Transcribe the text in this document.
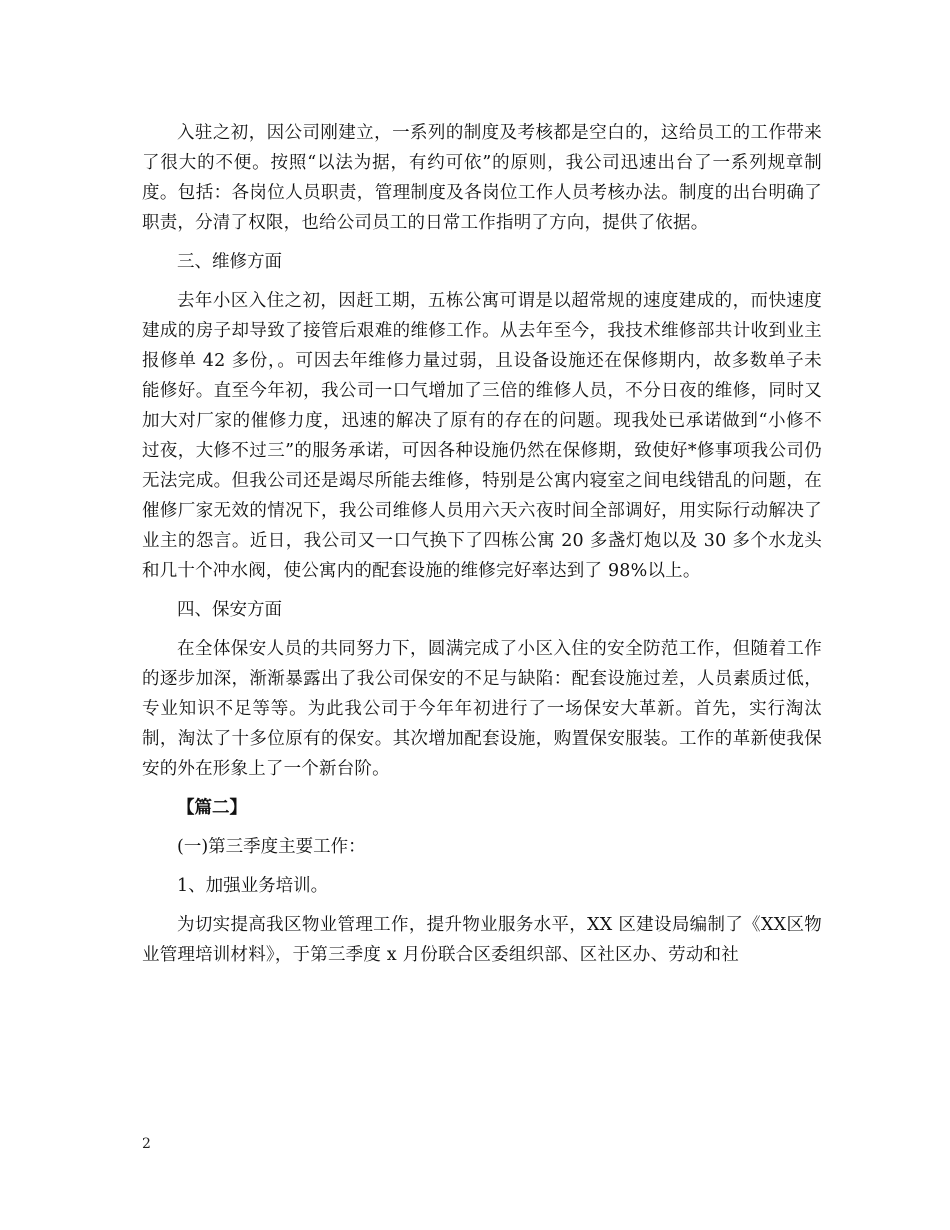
入驻之初，因公司刚建立，一系列的制度及考核都是空白的，这给员工的工作带来了很大的不便。按照“以法为据，有约可依”的原则，我公司迅速出台了一系列规章制度。包括：各岗位人员职责，管理制度及各岗位工作人员考核办法。制度的出台明确了职责，分清了权限，也给公司员工的日常工作指明了方向，提供了依据。

三、维修方面

去年小区入住之初，因赶工期，五栋公寓可谓是以超常规的速度建成的，而快速度建成的房子却导致了接管后艰难的维修工作。从去年至今，我技术维修部共计收到业主报修单 42 多份，。可因去年维修力量过弱，且设备设施还在保修期内，故多数单子未能修好。直至今年初，我公司一口气增加了三倍的维修人员，不分日夜的维修，同时又加大对厂家的催修力度，迅速的解决了原有的存在的问题。现我处已承诺做到“小修不过夜，大修不过三”的服务承诺，可因各种设施仍然在保修期，致使好*修事项我公司仍无法完成。但我公司还是竭尽所能去维修，特别是公寓内寝室之间电线错乱的问题，在催修厂家无效的情况下，我公司维修人员用六天六夜时间全部调好，用实际行动解决了业主的怨言。近日，我公司又一口气换下了四栋公寓 20 多盏灯炮以及 30 多个水龙头和几十个冲水阀，使公寓内的配套设施的维修完好率达到了 98%以上。

四、保安方面

在全体保安人员的共同努力下，圆满完成了小区入住的安全防范工作，但随着工作的逐步加深，渐渐暴露出了我公司保安的不足与缺陷：配套设施过差，人员素质过低，专业知识不足等等。为此我公司于今年年初进行了一场保安大革新。首先，实行淘汰制，淘汰了十多位原有的保安。其次增加配套设施，购置保安服装。工作的革新使我保安的外在形象上了一个新台阶。

【篇二】

(一)第三季度主要工作：

1、加强业务培训。

为切实提高我区物业管理工作，提升物业服务水平，XX 区建设局编制了《XX区物业管理培训材料》，于第三季度 x 月份联合区委组织部、区社区办、劳动和社

2
